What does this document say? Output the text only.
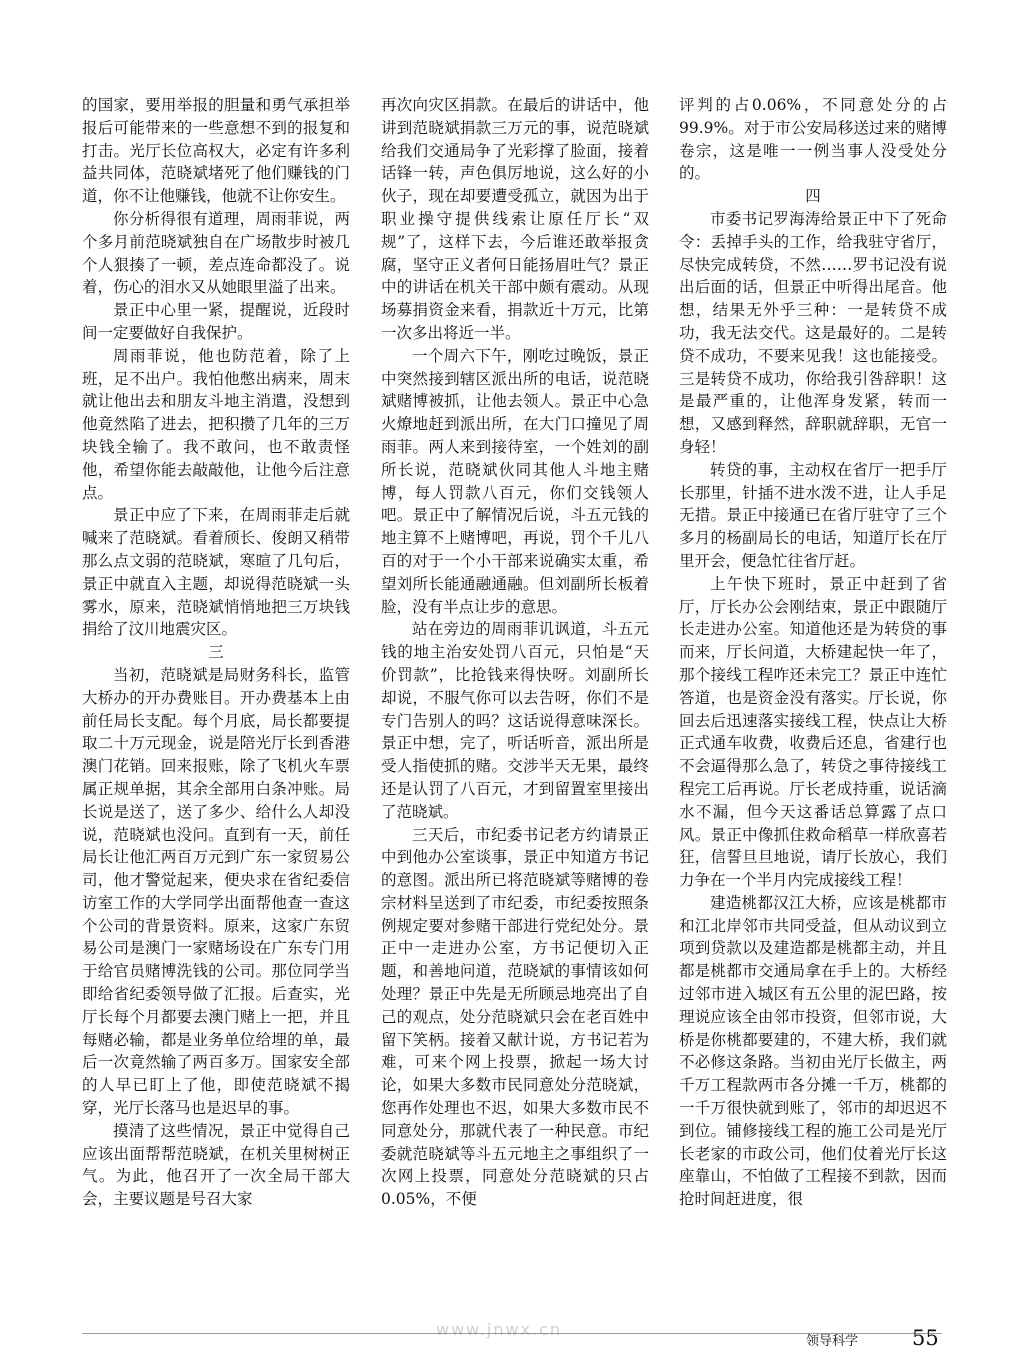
的国家，要用举报的胆量和勇气承担举报后可能带来的一些意想不到的报复和打击。光厅长位高权大，必定有许多利益共同体，范晓斌堵死了他们赚钱的门道，你不让他赚钱，他就不让你安生。

你分析得很有道理，周雨菲说，两个多月前范晓斌独自在广场散步时被几个人狠揍了一顿，差点连命都没了。说着，伤心的泪水又从她眼里溢了出来。

景正中心里一紧，提醒说，近段时间一定要做好自我保护。

周雨菲说，他也防范着，除了上班，足不出户。我怕他憋出病来，周末就让他出去和朋友斗地主消遣，没想到他竟然陷了进去，把积攒了几年的三万块钱全输了。我不敢问，也不敢责怪他，希望你能去敲敲他，让他今后注意点。

景正中应了下来，在周雨菲走后就喊来了范晓斌。看着颀长、俊朗又稍带那么点文弱的范晓斌，寒暄了几句后，景正中就直入主题，却说得范晓斌一头雾水，原来，范晓斌悄悄地把三万块钱捐给了汶川地震灾区。

三

当初，范晓斌是局财务科长，监管大桥办的开办费账目。开办费基本上由前任局长支配。每个月底，局长都要提取二十万元现金，说是陪光厅长到香港澳门花销。回来报账，除了飞机火车票属正规单据，其余全部用白条冲账。局长说是送了，送了多少、给什么人却没说，范晓斌也没问。直到有一天，前任局长让他汇两百万元到广东一家贸易公司，他才警觉起来，便央求在省纪委信访室工作的大学同学出面帮他查一查这个公司的背景资料。原来，这家广东贸易公司是澳门一家赌场设在广东专门用于给官员赌博洗钱的公司。那位同学当即给省纪委领导做了汇报。后查实，光厅长每个月都要去澳门赌上一把，并且每赌必输，都是业务单位给埋的单，最后一次竟然输了两百多万。国家安全部的人早已盯上了他，即使范晓斌不揭穿，光厅长落马也是迟早的事。

摸清了这些情况，景正中觉得自己应该出面帮帮范晓斌，在机关里树树正气。为此，他召开了一次全局干部大会，主要议题是号召大家

再次向灾区捐款。在最后的讲话中，他讲到范晓斌捐款三万元的事，说范晓斌给我们交通局争了光彩撑了脸面，接着话锋一转，声色俱厉地说，这么好的小伙子，现在却要遭受孤立，就因为出于职业操守提供线索让原任厅长“双规”了，这样下去，今后谁还敢举报贪腐，坚守正义者何日能扬眉吐气？景正中的讲话在机关干部中颇有震动。从现场募捐资金来看，捐款近十万元，比第一次多出将近一半。

一个周六下午，刚吃过晚饭，景正中突然接到辖区派出所的电话，说范晓斌赌博被抓，让他去领人。景正中心急火燎地赶到派出所，在大门口撞见了周雨菲。两人来到接待室，一个姓刘的副所长说，范晓斌伙同其他人斗地主赌博，每人罚款八百元，你们交钱领人吧。景正中了解情况后说，斗五元钱的地主算不上赌博吧，再说，罚个千儿八百的对于一个小干部来说确实太重，希望刘所长能通融通融。但刘副所长板着脸，没有半点让步的意思。

站在旁边的周雨菲讥讽道，斗五元钱的地主治安处罚八百元，只怕是“天价罚款”，比抢钱来得快呀。刘副所长却说，不服气你可以去告呀，你们不是专门告别人的吗？这话说得意味深长。景正中想，完了，听话听音，派出所是受人指使抓的赌。交涉半天无果，最终还是认罚了八百元，才到留置室里接出了范晓斌。

三天后，市纪委书记老方约请景正中到他办公室谈事，景正中知道方书记的意图。派出所已将范晓斌等赌博的卷宗材料呈送到了市纪委，市纪委按照条例规定要对参赌干部进行党纪处分。景正中一走进办公室，方书记便切入正题，和善地问道，范晓斌的事情该如何处理？景正中先是无所顾忌地亮出了自己的观点，处分范晓斌只会在老百姓中留下笑柄。接着又献计说，方书记若为难，可来个网上投票，掀起一场大讨论，如果大多数市民同意处分范晓斌，您再作处理也不迟，如果大多数市民不同意处分，那就代表了一种民意。市纪委就范晓斌等斗五元地主之事组织了一次网上投票，同意处分范晓斌的只占0.05%，不便

评判的占0.06%，不同意处分的占99.9%。对于市公安局移送过来的赌博卷宗，这是唯一一例当事人没受处分的。

四

市委书记罗海涛给景正中下了死命令：丢掉手头的工作，给我驻守省厅，尽快完成转贷，不然……罗书记没有说出后面的话，但景正中听得出尾音。他想，结果无外乎三种：一是转贷不成功，我无法交代。这是最好的。二是转贷不成功，不要来见我！这也能接受。三是转贷不成功，你给我引咎辞职！这是最严重的，让他浑身发紧，转而一想，又感到释然，辞职就辞职，无官一身轻！

转贷的事，主动权在省厅一把手厅长那里，针插不进水泼不进，让人手足无措。景正中接通已在省厅驻守了三个多月的杨副局长的电话，知道厅长在厅里开会，便急忙往省厅赶。

上午快下班时，景正中赶到了省厅，厅长办公会刚结束，景正中跟随厅长走进办公室。知道他还是为转贷的事而来，厅长问道，大桥建起快一年了，那个接线工程咋还未完工？景正中连忙答道，也是资金没有落实。厅长说，你回去后迅速落实接线工程，快点让大桥正式通车收费，收费后还息，省建行也不会逼得那么急了，转贷之事待接线工程完工后再说。厅长老成持重，说话滴水不漏，但今天这番话总算露了点口风。景正中像抓住救命稻草一样欣喜若狂，信誓旦旦地说，请厅长放心，我们力争在一个半月内完成接线工程！

建造桃都汉江大桥，应该是桃都市和江北岸邻市共同受益，但从动议到立项到贷款以及建造都是桃都主动，并且都是桃都市交通局拿在手上的。大桥经过邻市进入城区有五公里的泥巴路，按理说应该全由邻市投资，但邻市说，大桥是你桃都要建的，不建大桥，我们就不必修这条路。当初由光厅长做主，两千万工程款两市各分摊一千万，桃都的一千万很快就到账了，邻市的却迟迟不到位。铺修接线工程的施工公司是光厅长老家的市政公司，他们仗着光厅长这座靠山，不怕做了工程接不到款，因而抢时间赶进度，很

www.jnwx.cn
领导科学	55
